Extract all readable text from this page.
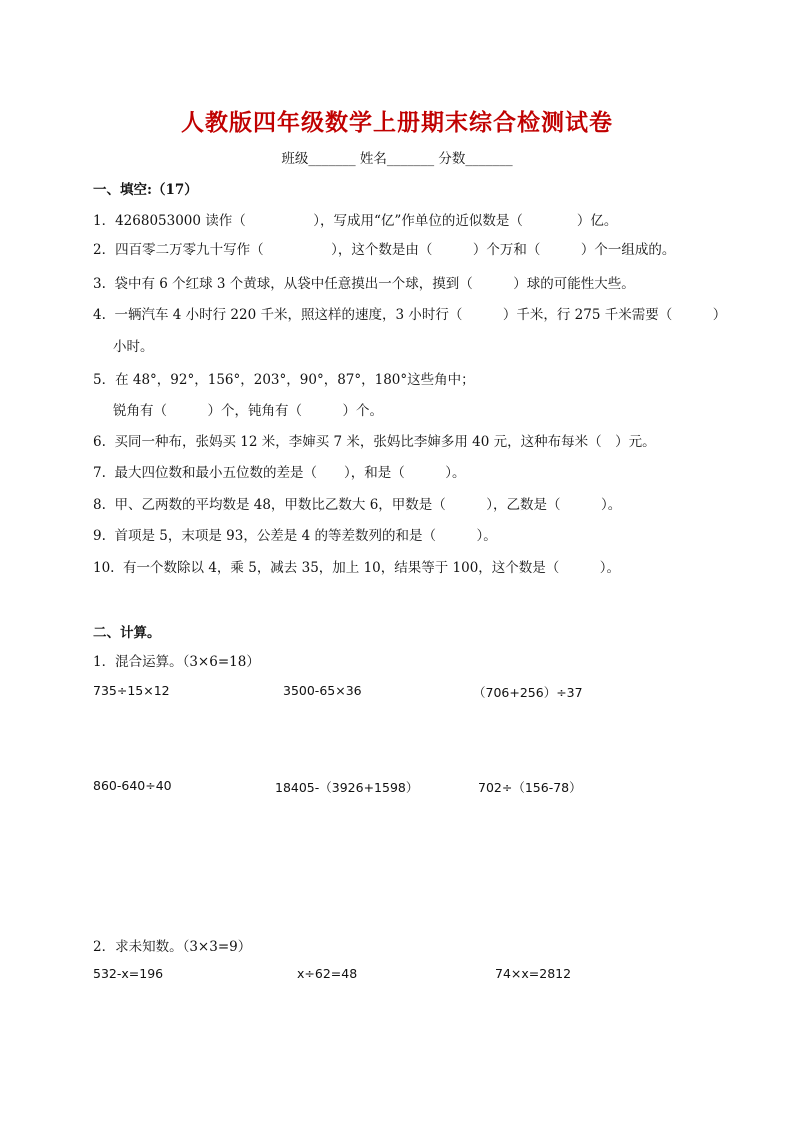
人教版四年级数学上册期末综合检测试卷
班级_______ 姓名_______ 分数_______
一、填空:（17）
1．4268053000 读作（　　　　　），写成用“亿”作单位的近似数是（　　　　）亿。
2．四百零二万零九十写作（　　　　　），这个数是由（　　　）个万和（　　　）个一组成的。
3.  袋中有 6 个红球 3 个黄球，从袋中任意摸出一个球，摸到（　　　）球的可能性大些。
4.  一辆汽车 4 小时行 220 千米，照这样的速度，3 小时行（　　　）千米，行 275 千米需要（　　　）
小时。
5．在 48°，92°，156°，203°，90°，87°，180°这些角中；
锐角有（　　　）个，钝角有（　　　）个。
6.  买同一种布，张妈买 12 米，李婶买 7 米，张妈比李婶多用 40 元，这种布每米（　）元。
7.  最大四位数和最小五位数的差是（　　），和是（　　　）。
8.  甲、乙两数的平均数是 48，甲数比乙数大 6，甲数是（　　　），乙数是（　　　）。
9.  首项是 5，末项是 93，公差是 4 的等差数列的和是（　　　）。
10.  有一个数除以 4，乘 5，减去 35，加上 10，结果等于 100，这个数是（　　　）。
二、计算。
1．混合运算。（3×6=18）
735÷15×12	3500-65×36	（706+256）÷37
860-640÷40	18405-（3926+1598）	702÷（156-78）
2．求未知数。（3×3=9）
532-x=196	x÷62=48	74×x=2812
